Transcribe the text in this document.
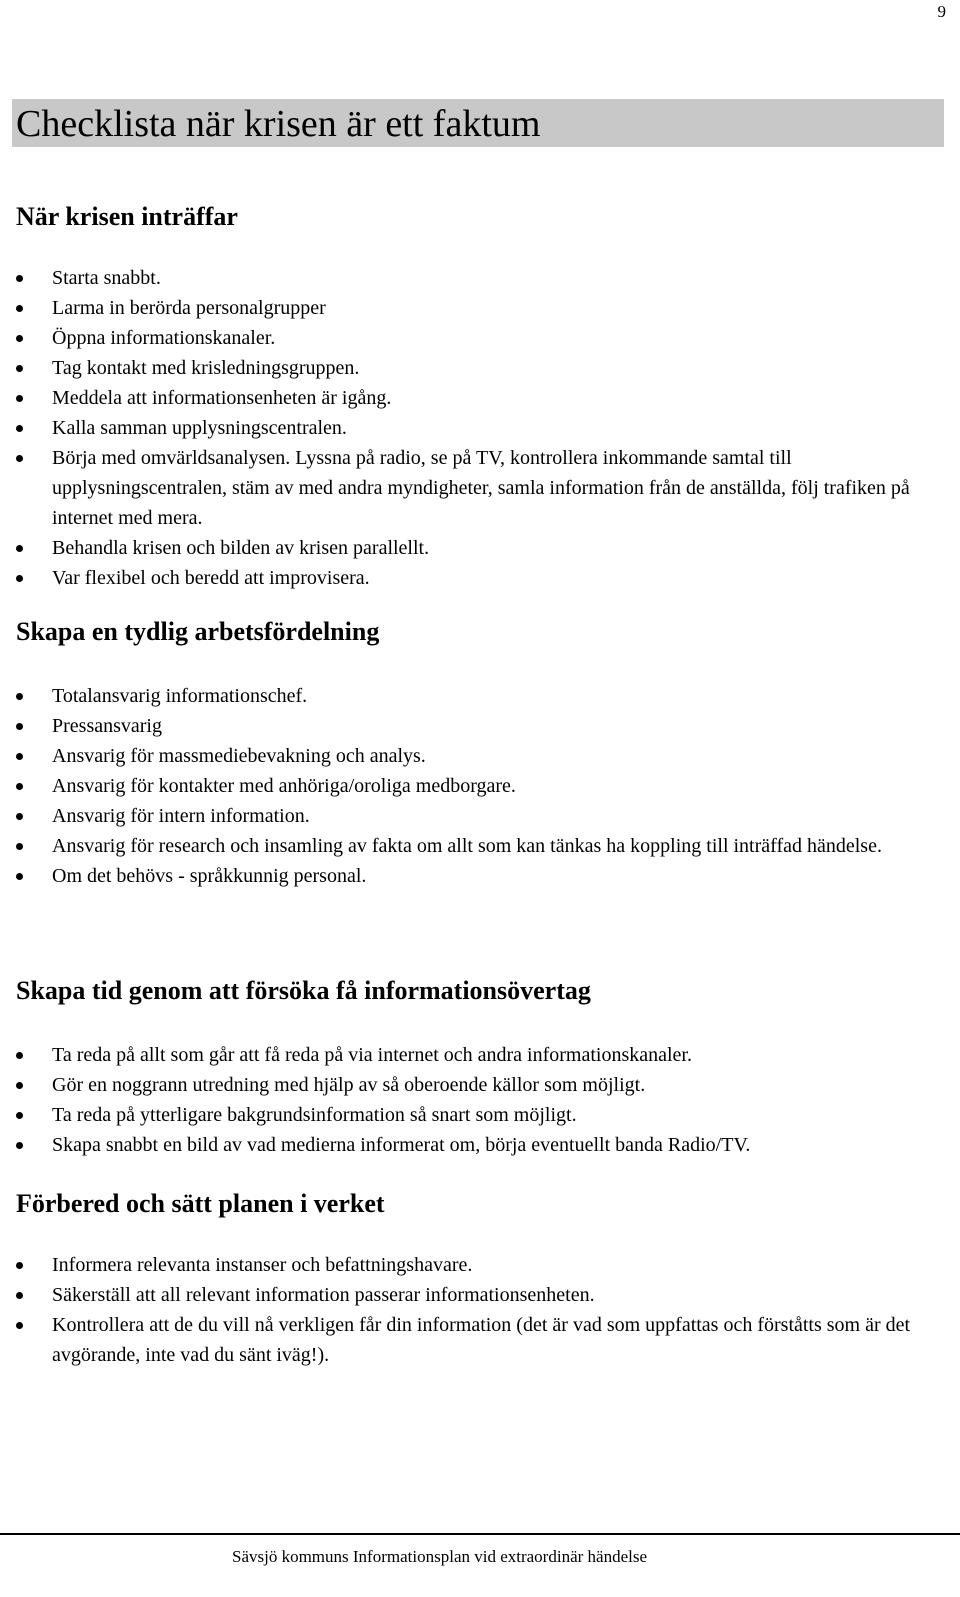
9
Checklista när krisen är ett faktum
När krisen inträffar
Starta snabbt.
Larma in berörda personalgrupper
Öppna informationskanaler.
Tag kontakt med krisledningsgruppen.
Meddela att informationsenheten är igång.
Kalla samman upplysningscentralen.
Börja med omvärldsanalysen. Lyssna på radio, se på TV, kontrollera inkommande samtal till upplysningscentralen, stäm av med andra myndigheter, samla information från de anställda, följ trafiken på internet med mera.
Behandla krisen och bilden av krisen parallellt.
Var flexibel och beredd att improvisera.
Skapa en tydlig arbetsfördelning
Totalansvarig informationschef.
Pressansvarig
Ansvarig för massmediebevakning och analys.
Ansvarig för kontakter med anhöriga/oroliga medborgare.
Ansvarig för intern information.
Ansvarig för research och insamling av fakta om allt som kan tänkas ha koppling till inträffad händelse.
Om det behövs - språkkunnig personal.
Skapa tid genom att försöka få informationsövertag
Ta reda på allt som går att få reda på via internet och andra informationskanaler.
Gör en noggrann utredning med hjälp av så oberoende källor som möjligt.
Ta reda på ytterligare bakgrundsinformation så snart som möjligt.
Skapa snabbt en bild av vad medierna informerat om, börja eventuellt banda Radio/TV.
Förbered och sätt planen i verket
Informera relevanta instanser och befattningshavare.
Säkerställ att all relevant information passerar informationsenheten.
Kontrollera att de du vill nå verkligen får din information (det är vad som uppfattas och förståtts som är det avgörande, inte vad du sänt iväg!).
Sävsjö kommuns Informationsplan vid extraordinär händelse
